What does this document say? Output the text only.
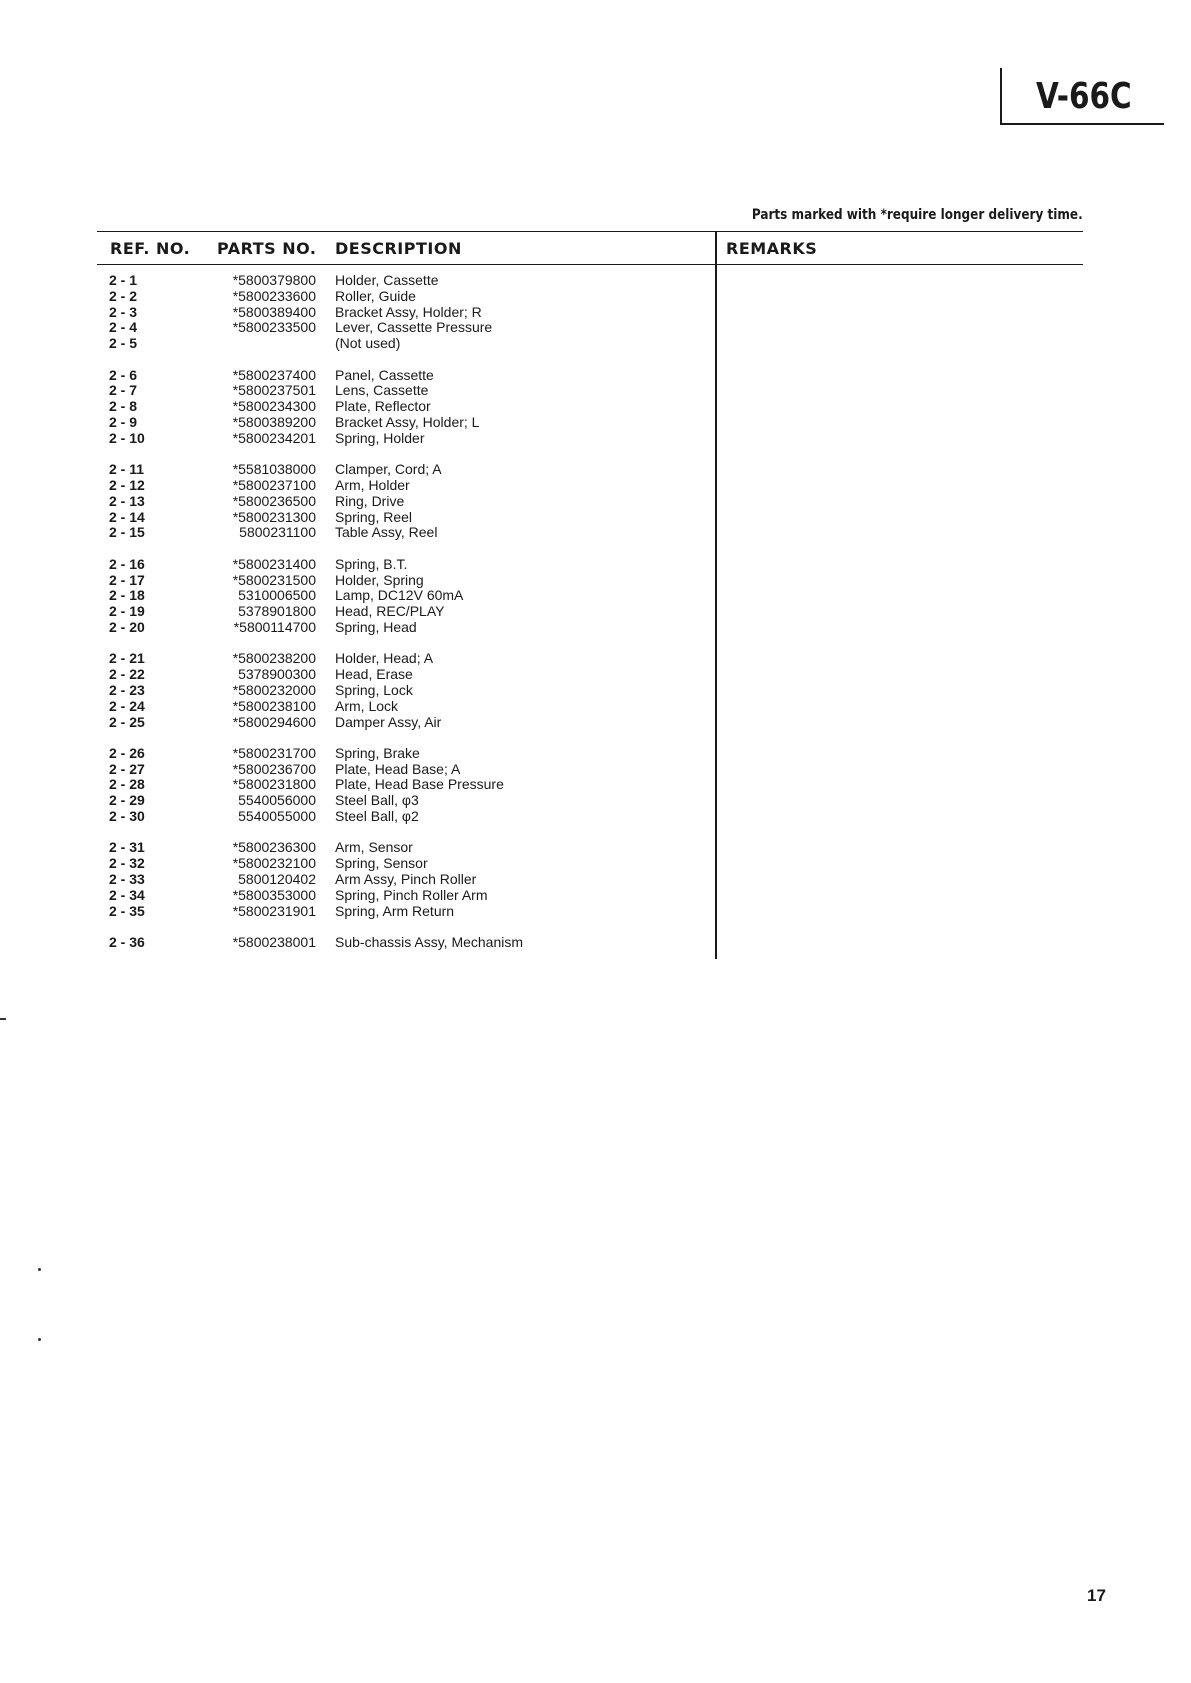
V-66C
Parts marked with *require longer delivery time.
REF. NO. PARTS NO. DESCRIPTION	REMARKS
2 - 1	*5800379800 Holder, Cassette
2 - 2	*5800233600 Roller, Guide
2 - 3	*5800389400 Bracket Assy, Holder; R
2 - 4	*5800233500 Lever, Cassette Pressure
2 - 5	(Not used)
2 - 6	*5800237400 Panel, Cassette
2 - 7	*5800237501 Lens, Cassette
2 - 8	*5800234300 Plate, Reflector
2 - 9	*5800389200 Bracket Assy, Holder; L
2 - 10	*5800234201 Spring, Holder
2 - 11	*5581038000 Clamper, Cord; A
2 - 12	*5800237100 Arm, Holder
2 - 13	*5800236500 Ring, Drive
2 - 14	*5800231300 Spring, Reel
2 - 15	5800231100 Table Assy, Reel
2 - 16	*5800231400 Spring, B.T.
2 - 17	*5800231500 Holder, Spring
2 - 18	5310006500 Lamp, DC12V 60mA
2 - 19	5378901800 Head, REC/PLAY
2 - 20	*5800114700 Spring, Head
2 - 21	*5800238200 Holder, Head; A
2 - 22	5378900300 Head, Erase
2 - 23	*5800232000 Spring, Lock
2 - 24	*5800238100 Arm, Lock
2 - 25	*5800294600 Damper Assy, Air
2 - 26	*5800231700 Spring, Brake
2 - 27	*5800236700 Plate, Head Base; A
2 - 28	*5800231800 Plate, Head Base Pressure
2 - 29	5540056000 Steel Ball, φ3
2 - 30	5540055000 Steel Ball, φ2
2 - 31	*5800236300 Arm, Sensor
2 - 32	*5800232100 Spring, Sensor
2 - 33	5800120402 Arm Assy, Pinch Roller
2 - 34	*5800353000 Spring, Pinch Roller Arm
2 - 35	*5800231901 Spring, Arm Return
2 - 36	*5800238001 Sub-chassis Assy, Mechanism
17
